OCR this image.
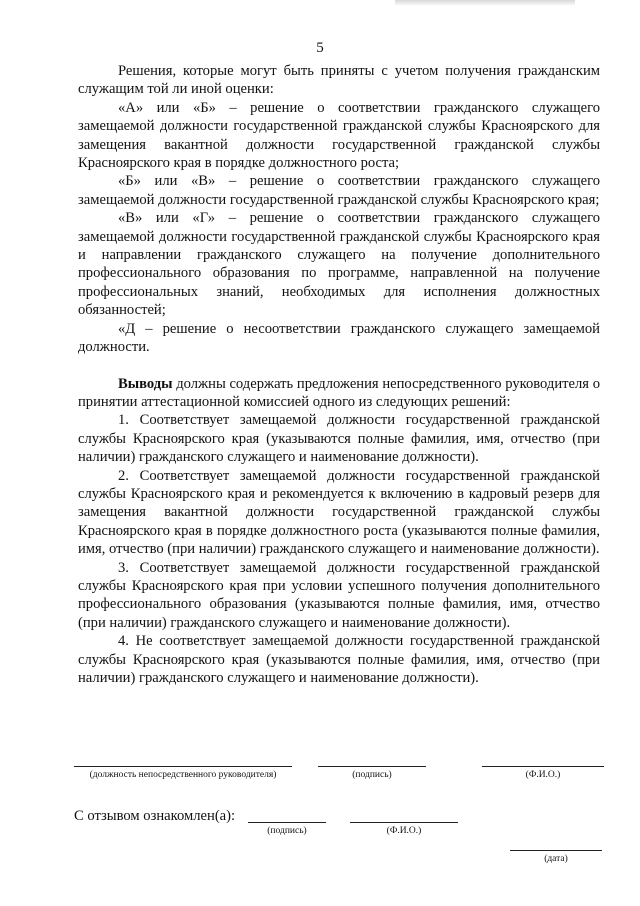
5

Решения, которые могут быть приняты с учетом получения гражданским служащим той ли иной оценки:

«А» или «Б» – решение о соответствии гражданского служащего замещаемой должности государственной гражданской службы Красноярского для замещения вакантной должности государственной гражданской службы Красноярского края в порядке должностного роста;

«Б» или «В» – решение о соответствии гражданского служащего замещаемой должности государственной гражданской службы Красноярского края;

«В» или «Г» – решение о соответствии гражданского служащего замещаемой должности государственной гражданской службы Красноярского края и направлении гражданского служащего на получение дополнительного профессионального образования по программе, направленной на получение профессиональных знаний, необходимых для исполнения должностных обязанностей;

«Д – решение о несоответствии гражданского служащего замещаемой должности.

Выводы должны содержать предложения непосредственного руководителя о принятии аттестационной комиссией одного из следующих решений:

1. Соответствует замещаемой должности государственной гражданской службы Красноярского края (указываются полные фамилия, имя, отчество (при наличии) гражданского служащего и наименование должности).

2. Соответствует замещаемой должности государственной гражданской службы Красноярского края и рекомендуется к включению в кадровый резерв для замещения вакантной должности государственной гражданской службы Красноярского края в порядке должностного роста (указываются полные фамилия, имя, отчество (при наличии) гражданского служащего и наименование должности).

3. Соответствует замещаемой должности государственной гражданской службы Красноярского края при условии успешного получения дополнительного профессионального образования (указываются полные фамилия, имя, отчество (при наличии) гражданского служащего и наименование должности).

4. Не соответствует замещаемой должности государственной гражданской службы Красноярского края (указываются полные фамилия, имя, отчество (при наличии) гражданского служащего и наименование должности).

(должность непосредственного руководителя)	(подпись)	(Ф.И.О.)
С отзывом ознакомлен(а):
(подпись)	(Ф.И.О.)
(дата)
